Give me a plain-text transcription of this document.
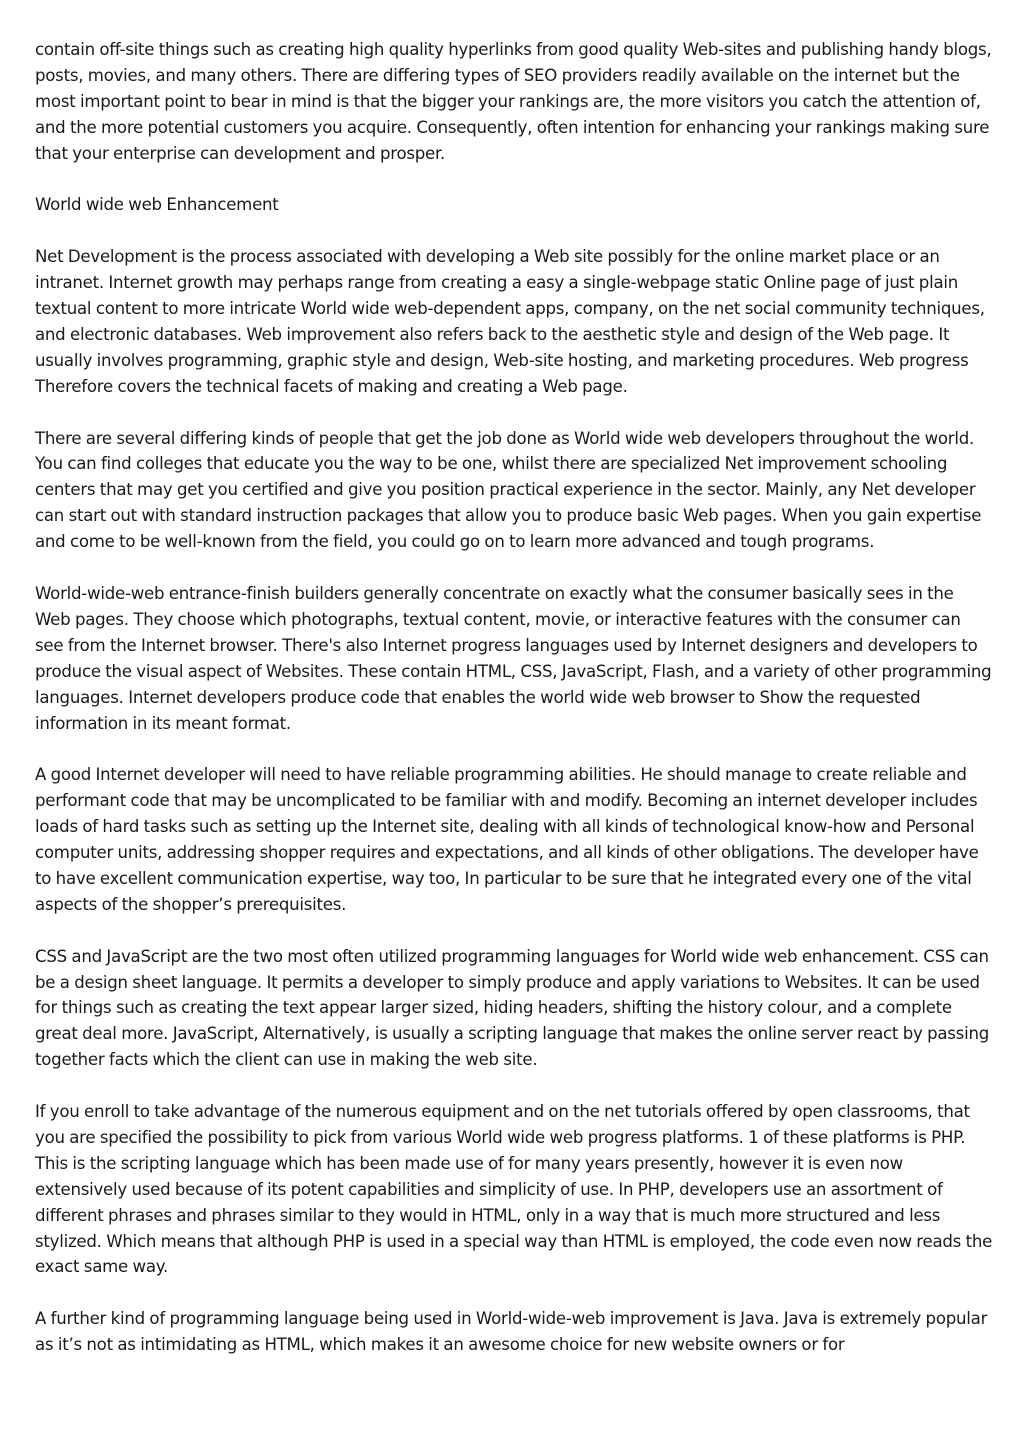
contain off-site things such as creating high quality hyperlinks from good quality Web-sites and publishing handy blogs, posts, movies, and many others. There are differing types of SEO providers readily available on the internet but the most important point to bear in mind is that the bigger your rankings are, the more visitors you catch the attention of, and the more potential customers you acquire. Consequently, often intention for enhancing your rankings making sure that your enterprise can development and prosper.

World wide web Enhancement

Net Development is the process associated with developing a Web site possibly for the online market place or an intranet. Internet growth may perhaps range from creating a easy a single-webpage static Online page of just plain textual content to more intricate World wide web-dependent apps, company, on the net social community techniques, and electronic databases. Web improvement also refers back to the aesthetic style and design of the Web page. It usually involves programming, graphic style and design, Web-site hosting, and marketing procedures. Web progress Therefore covers the technical facets of making and creating a Web page.

There are several differing kinds of people that get the job done as World wide web developers throughout the world. You can find colleges that educate you the way to be one, whilst there are specialized Net improvement schooling centers that may get you certified and give you position practical experience in the sector. Mainly, any Net developer can start out with standard instruction packages that allow you to produce basic Web pages. When you gain expertise and come to be well-known from the field, you could go on to learn more advanced and tough programs.

World-wide-web entrance-finish builders generally concentrate on exactly what the consumer basically sees in the Web pages. They choose which photographs, textual content, movie, or interactive features with the consumer can see from the Internet browser. There's also Internet progress languages used by Internet designers and developers to produce the visual aspect of Websites. These contain HTML, CSS, JavaScript, Flash, and a variety of other programming languages. Internet developers produce code that enables the world wide web browser to Show the requested information in its meant format.

A good Internet developer will need to have reliable programming abilities. He should manage to create reliable and performant code that may be uncomplicated to be familiar with and modify. Becoming an internet developer includes loads of hard tasks such as setting up the Internet site, dealing with all kinds of technological know-how and Personal computer units, addressing shopper requires and expectations, and all kinds of other obligations. The developer have to have excellent communication expertise, way too, In particular to be sure that he integrated every one of the vital aspects of the shopper’s prerequisites.

CSS and JavaScript are the two most often utilized programming languages for World wide web enhancement. CSS can be a design sheet language. It permits a developer to simply produce and apply variations to Websites. It can be used for things such as creating the text appear larger sized, hiding headers, shifting the history colour, and a complete great deal more. JavaScript, Alternatively, is usually a scripting language that makes the online server react by passing together facts which the client can use in making the web site.

If you enroll to take advantage of the numerous equipment and on the net tutorials offered by open classrooms, that you are specified the possibility to pick from various World wide web progress platforms. 1 of these platforms is PHP. This is the scripting language which has been made use of for many years presently, however it is even now extensively used because of its potent capabilities and simplicity of use. In PHP, developers use an assortment of different phrases and phrases similar to they would in HTML, only in a way that is much more structured and less stylized. Which means that although PHP is used in a special way than HTML is employed, the code even now reads the exact same way.

A further kind of programming language being used in World-wide-web improvement is Java. Java is extremely popular as it’s not as intimidating as HTML, which makes it an awesome choice for new website owners or for
